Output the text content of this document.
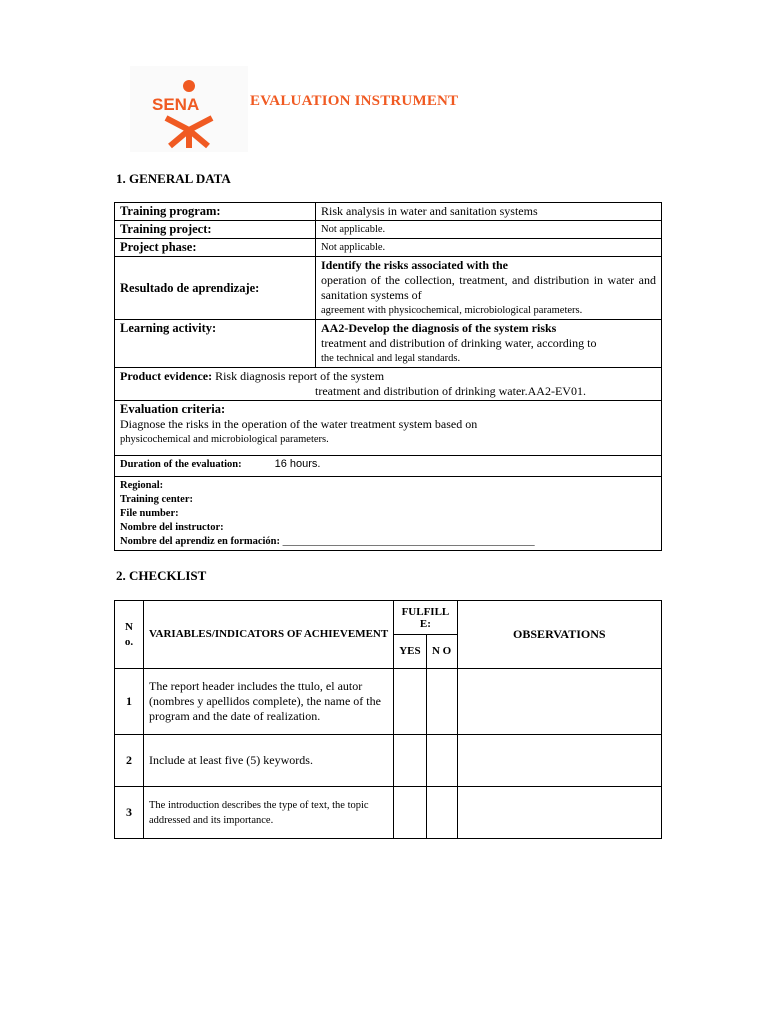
SENA	EVALUATION INSTRUMENT
1. GENERAL DATA
Training program:	Risk analysis in water and sanitation systems
Training project:	Not applicable.
Project phase:	Not applicable.
Resultado de aprendizaje:	Identify the risks associated with the
operation of the collection, treatment, and distribution in water and sanitation systems of
agreement with physicochemical, microbiological parameters.

Learning activity:	AA2-Develop the diagnosis of the system risks
treatment and distribution of drinking water, according to
the technical and legal standards.

Product evidence: Risk diagnosis report of the system
treatment and distribution of drinking water.AA2-EV01.	

Evaluation criteria:
Diagnose the risks in the operation of the water treatment system based on
physicochemical and microbiological parameters.	

Duration of the evaluation: 16 hours.	

Regional:
Training center:
File number:
Nombre del instructor:
Nombre del aprendiz en formación: ________________________________________________	
2. CHECKLIST
N o.	VARIABLES/INDICATORS OF ACHIEVEMENT	FULFILL E:		OBSERVATIONS
		YES	N O	
1	The report header includes the ttulo, el autor (nombres y apellidos complete), the name of the program and the date of realization.			
2	Include at least five (5) keywords.			
3	The introduction describes the type of text, the topic addressed and its importance.			
